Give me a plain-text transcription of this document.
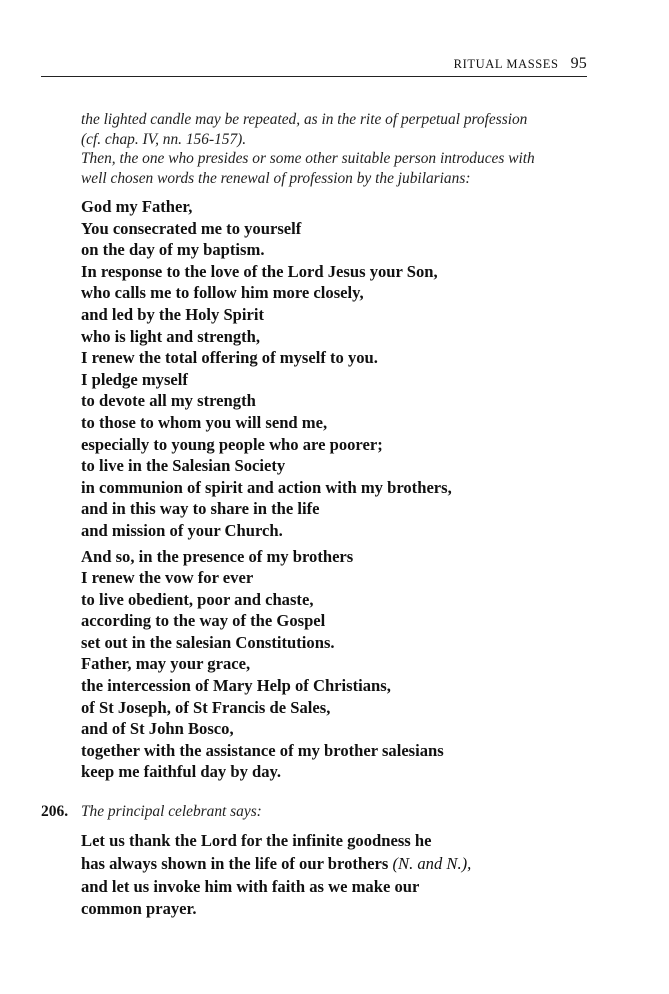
RITUAL MASSES 95
the lighted candle may be repeated, as in the rite of perpetual profession
(cf. chap. IV, nn. 156-157).
Then, the one who presides or some other suitable person introduces with
well chosen words the renewal of profession by the jubilarians:
God my Father,
You consecrated me to yourself
on the day of my baptism.
In response to the love of the Lord Jesus your Son,
who calls me to follow him more closely,
and led by the Holy Spirit
who is light and strength,
I renew the total offering of myself to you.
I pledge myself
to devote all my strength
to those to whom you will send me,
especially to young people who are poorer;
to live in the Salesian Society
in communion of spirit and action with my brothers,
and in this way to share in the life
and mission of your Church.
And so, in the presence of my brothers
I renew the vow for ever
to live obedient, poor and chaste,
according to the way of the Gospel
set out in the salesian Constitutions.
Father, may your grace,
the intercession of Mary Help of Christians,
of St Joseph, of St Francis de Sales,
and of St John Bosco,
together with the assistance of my brother salesians
keep me faithful day by day.
206. The principal celebrant says:
Let us thank the Lord for the infinite goodness he
has always shown in the life of our brothers (N. and N.),
and let us invoke him with faith as we make our
common prayer.
